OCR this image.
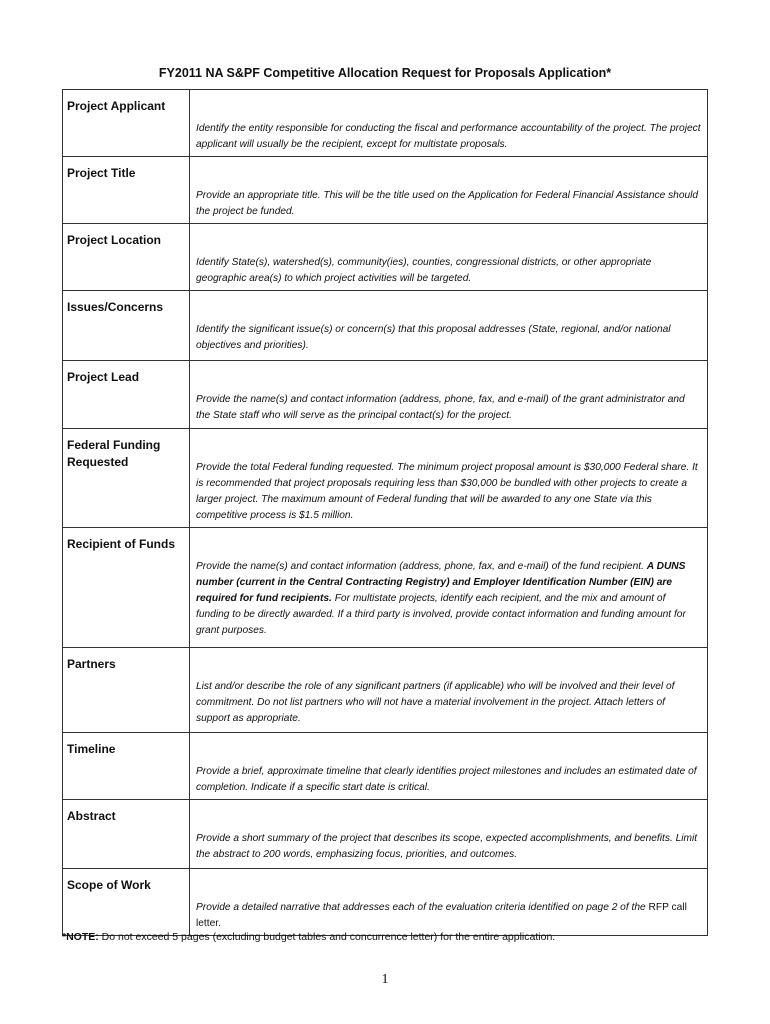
FY2011 NA S&PF Competitive Allocation Request for Proposals Application*
Project Applicant	Identify the entity responsible for conducting the fiscal and performance accountability of the project. The project applicant will usually be the recipient, except for multistate proposals.
Project Title	Provide an appropriate title. This will be the title used on the Application for Federal Financial Assistance should the project be funded.
Project Location	Identify State(s), watershed(s), community(ies), counties, congressional districts, or other appropriate geographic area(s) to which project activities will be targeted.
Issues/Concerns	Identify the significant issue(s) or concern(s) that this proposal addresses (State, regional, and/or national objectives and priorities).
Project Lead	Provide the name(s) and contact information (address, phone, fax, and e-mail) of the grant administrator and the State staff who will serve as the principal contact(s) for the project.
Federal Funding Requested	Provide the total Federal funding requested. The minimum project proposal amount is $30,000 Federal share. It is recommended that project proposals requiring less than $30,000 be bundled with other projects to create a larger project. The maximum amount of Federal funding that will be awarded to any one State via this competitive process is $1.5 million.
Recipient of Funds	Provide the name(s) and contact information (address, phone, fax, and e-mail) of the fund recipient. A DUNS number (current in the Central Contracting Registry) and Employer Identification Number (EIN) are required for fund recipients. For multistate projects, identify each recipient, and the mix and amount of funding to be directly awarded. If a third party is involved, provide contact information and funding amount for grant purposes.
Partners	List and/or describe the role of any significant partners (if applicable) who will be involved and their level of commitment. Do not list partners who will not have a material involvement in the project. Attach letters of support as appropriate.
Timeline	Provide a brief, approximate timeline that clearly identifies project milestones and includes an estimated date of completion. Indicate if a specific start date is critical.
Abstract	Provide a short summary of the project that describes its scope, expected accomplishments, and benefits. Limit the abstract to 200 words, emphasizing focus, priorities, and outcomes.
Scope of Work	Provide a detailed narrative that addresses each of the evaluation criteria identified on page 2 of the RFP call letter.
*NOTE: Do not exceed 5 pages (excluding budget tables and concurrence letter) for the entire application.
1
